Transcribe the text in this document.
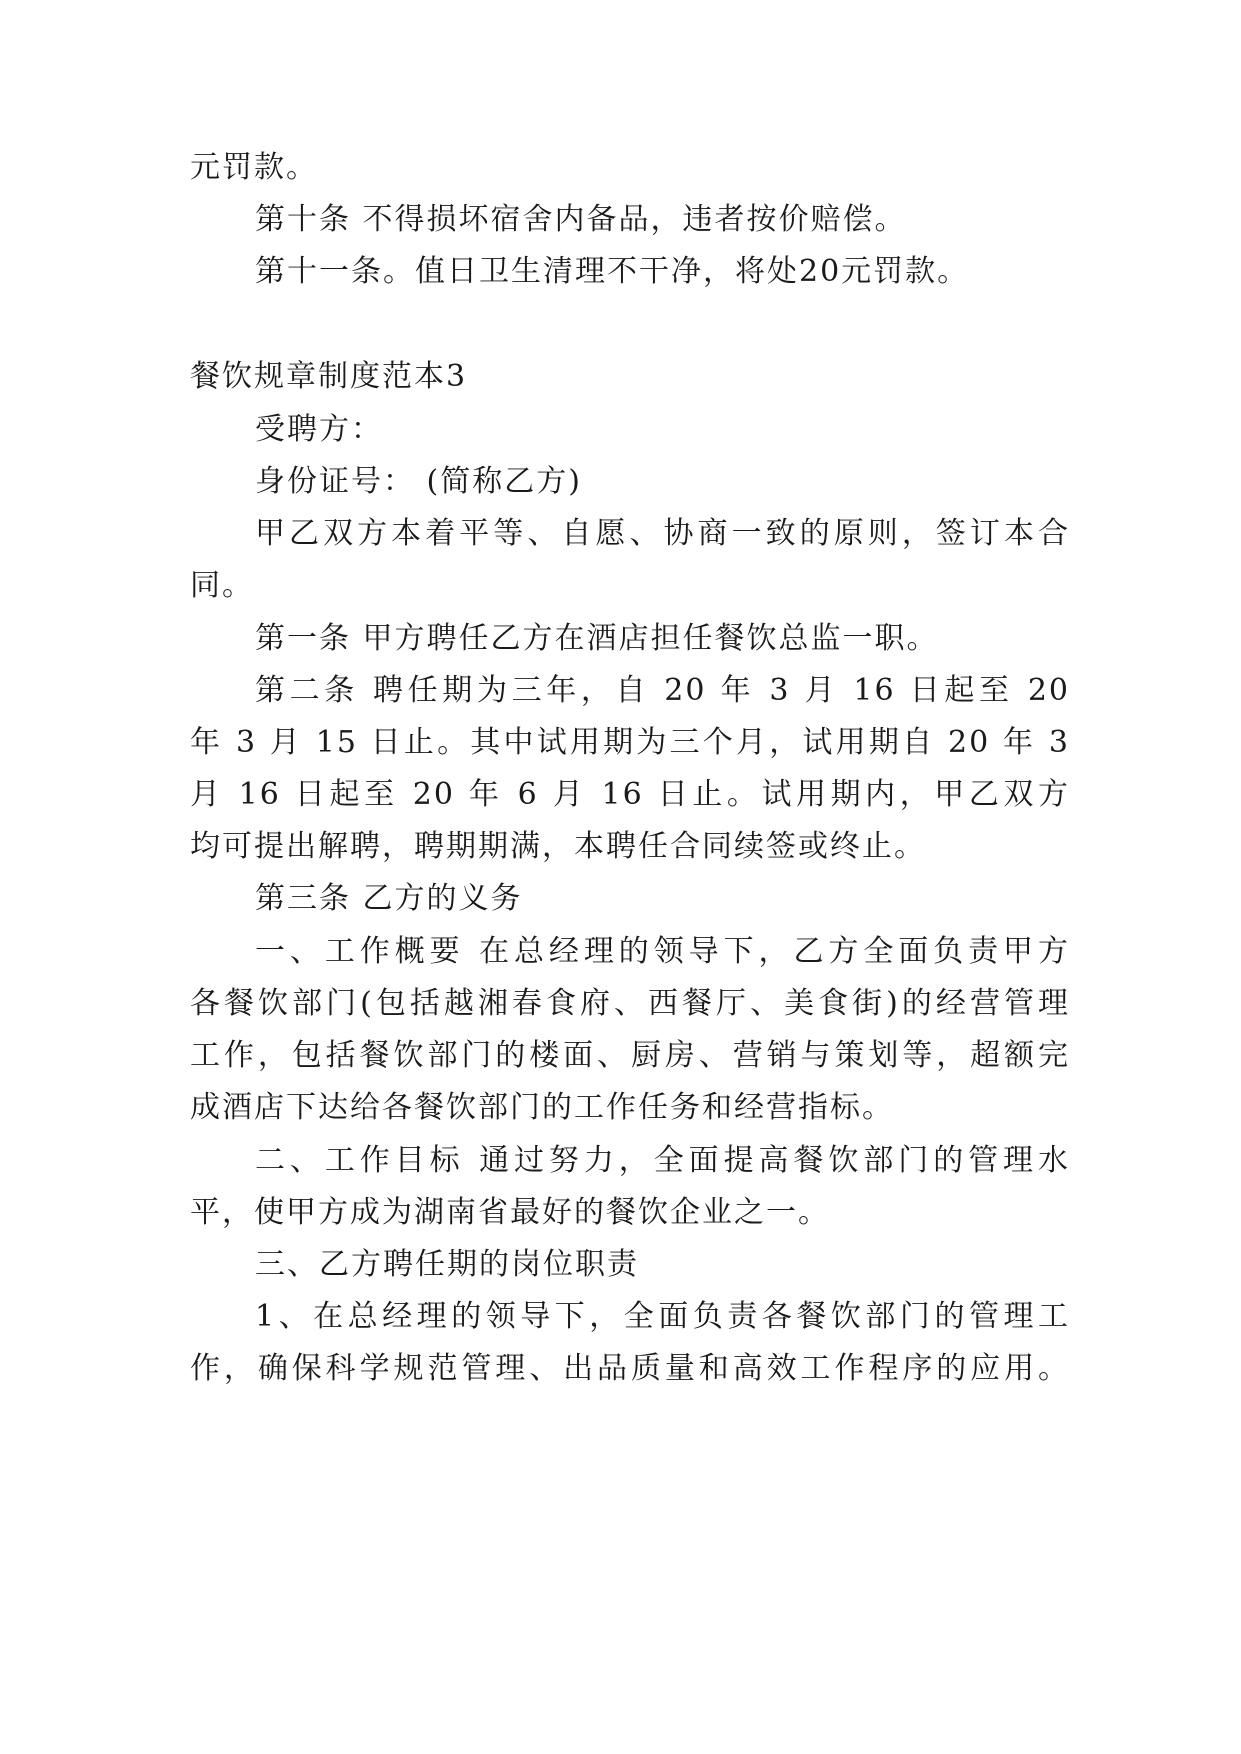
元罚款。
第十条 不得损坏宿舍内备品，违者按价赔偿。
第十一条。值日卫生清理不干净，将处20元罚款。
餐饮规章制度范本3
受聘方：
身份证号： (简称乙方)
甲乙双方本着平等、自愿、协商一致的原则，签订本合
同。
第一条 甲方聘任乙方在酒店担任餐饮总监一职。
第二条 聘任期为三年，自 20 年 3 月 16 日起至 20
年 3 月 15 日止。其中试用期为三个月，试用期自 20 年 3
月 16 日起至 20 年 6 月 16 日止。试用期内，甲乙双方
均可提出解聘，聘期期满，本聘任合同续签或终止。
第三条 乙方的义务
一、工作概要 在总经理的领导下，乙方全面负责甲方
各餐饮部门(包括越湘春食府、西餐厅、美食街)的经营管理
工作，包括餐饮部门的楼面、厨房、营销与策划等，超额完
成酒店下达给各餐饮部门的工作任务和经营指标。
二、工作目标 通过努力，全面提高餐饮部门的管理水
平，使甲方成为湖南省最好的餐饮企业之一。
三、乙方聘任期的岗位职责
1、在总经理的领导下，全面负责各餐饮部门的管理工
作，确保科学规范管理、出品质量和高效工作程序的应用。
